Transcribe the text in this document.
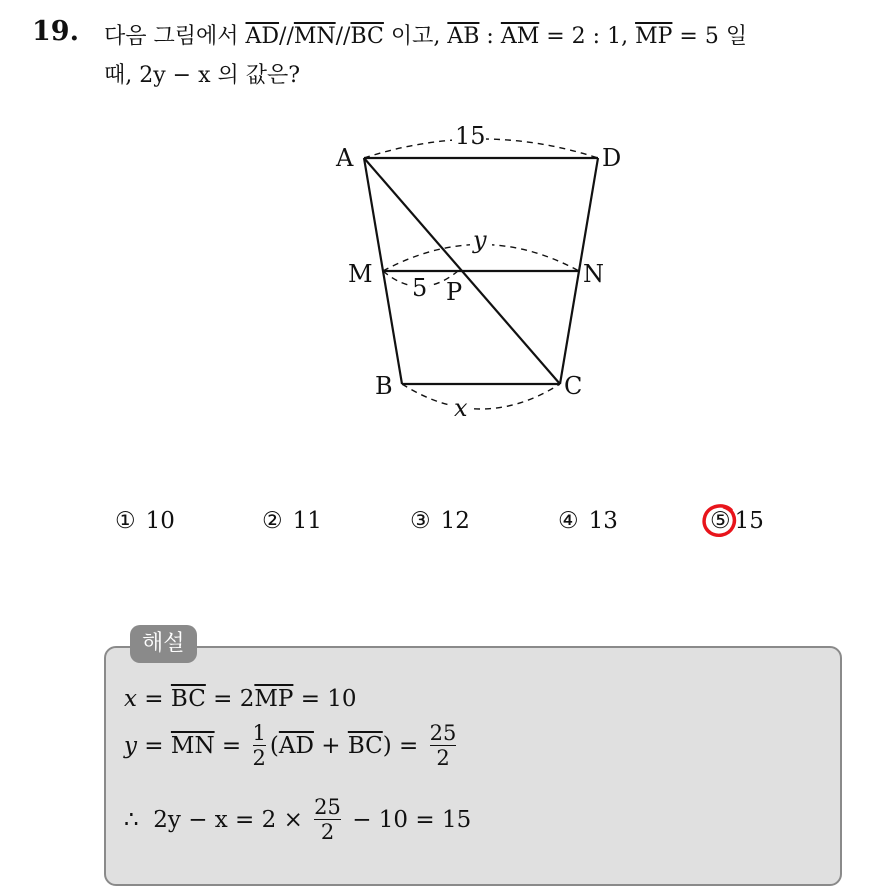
19. 다음 그림에서 $\overline{AD}//\overline{MN}//\overline{BC}$ 이고, $\overline{AB}$ : $\overline{AM} = 2$ : 1, $\overline{MP} = 5$ 일
때, 2y − x 의 값은?
A	D
M	N
P
B	C
15
y
5
x
① 10	② 11	③ 12	④ 13	⑤ 15
해설
$x = \overline{BC} = 2$ $\overline{MP} = 10$
$y = \overline{MN} = \frac{1}{2}$ ( $\overline{AD} + \overline{BC}$ ) = $\frac{25}{2}$
∴  $2y - x = 2 \times \frac{25}{2} - 10 = 15$
